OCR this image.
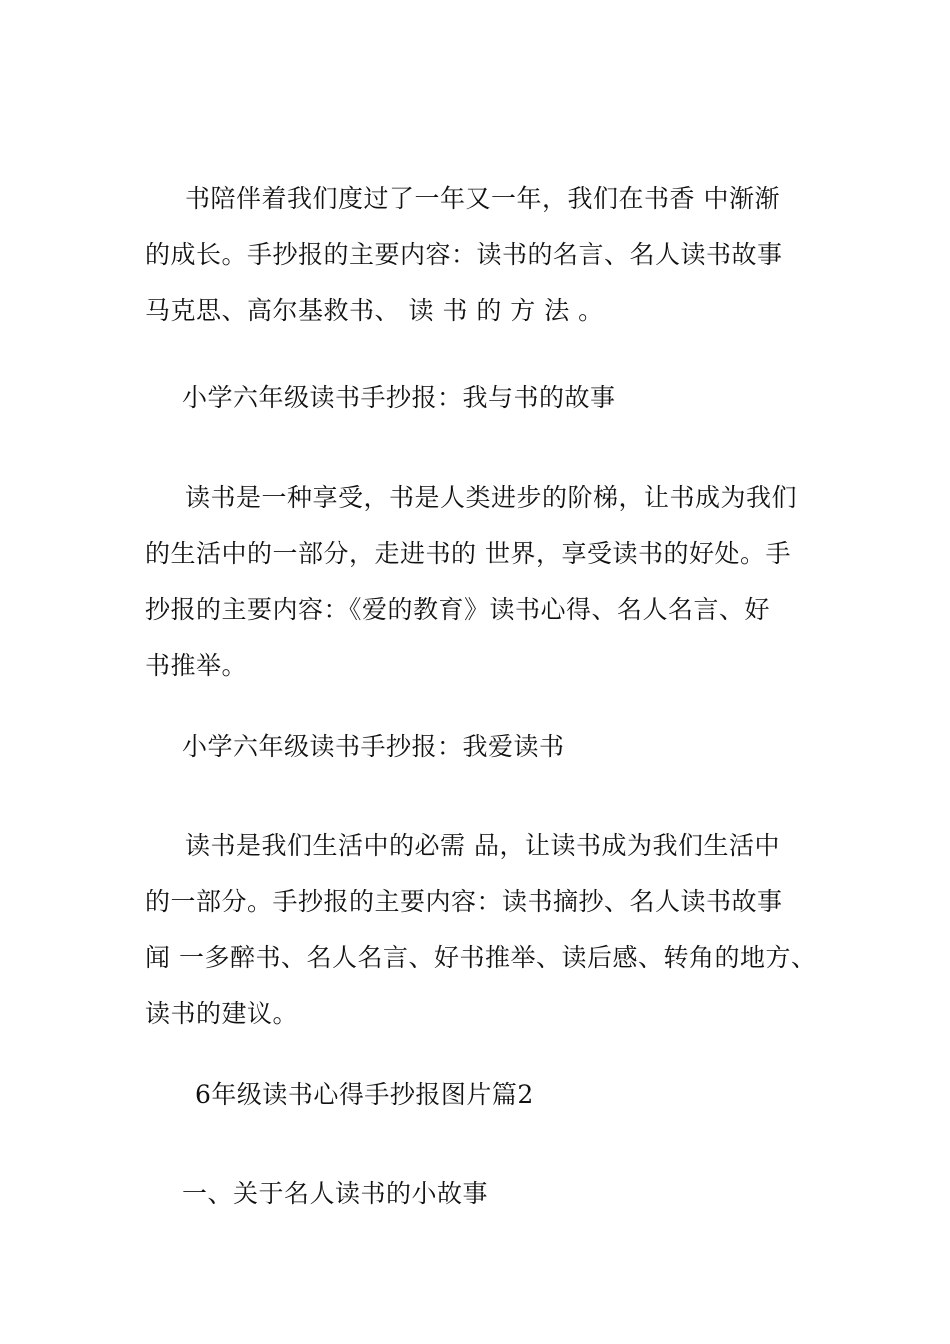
书陪伴着我们度过了一年又一年，我们在书香 中渐渐
的成长。手抄报的主要内容：读书的名言、名人读书故事
马克思、高尔基救书、 读 书 的 方 法 。
小学六年级读书手抄报：我与书的故事
读书是一种享受，书是人类进步的阶梯，让书成为我们
的生活中的一部分，走进书的 世界，享受读书的好处。手
抄报的主要内容：《爱的教育》读书心得、名人名言、好
书推举。
小学六年级读书手抄报：我爱读书
读书是我们生活中的必需 品，让读书成为我们生活中
的一部分。手抄报的主要内容：读书摘抄、名人读书故事
闻 一多醉书、名人名言、好书推举、读后感、转角的地方、
读书的建议。
6年级读书心得手抄报图片篇2
一、关于名人读书的小故事
